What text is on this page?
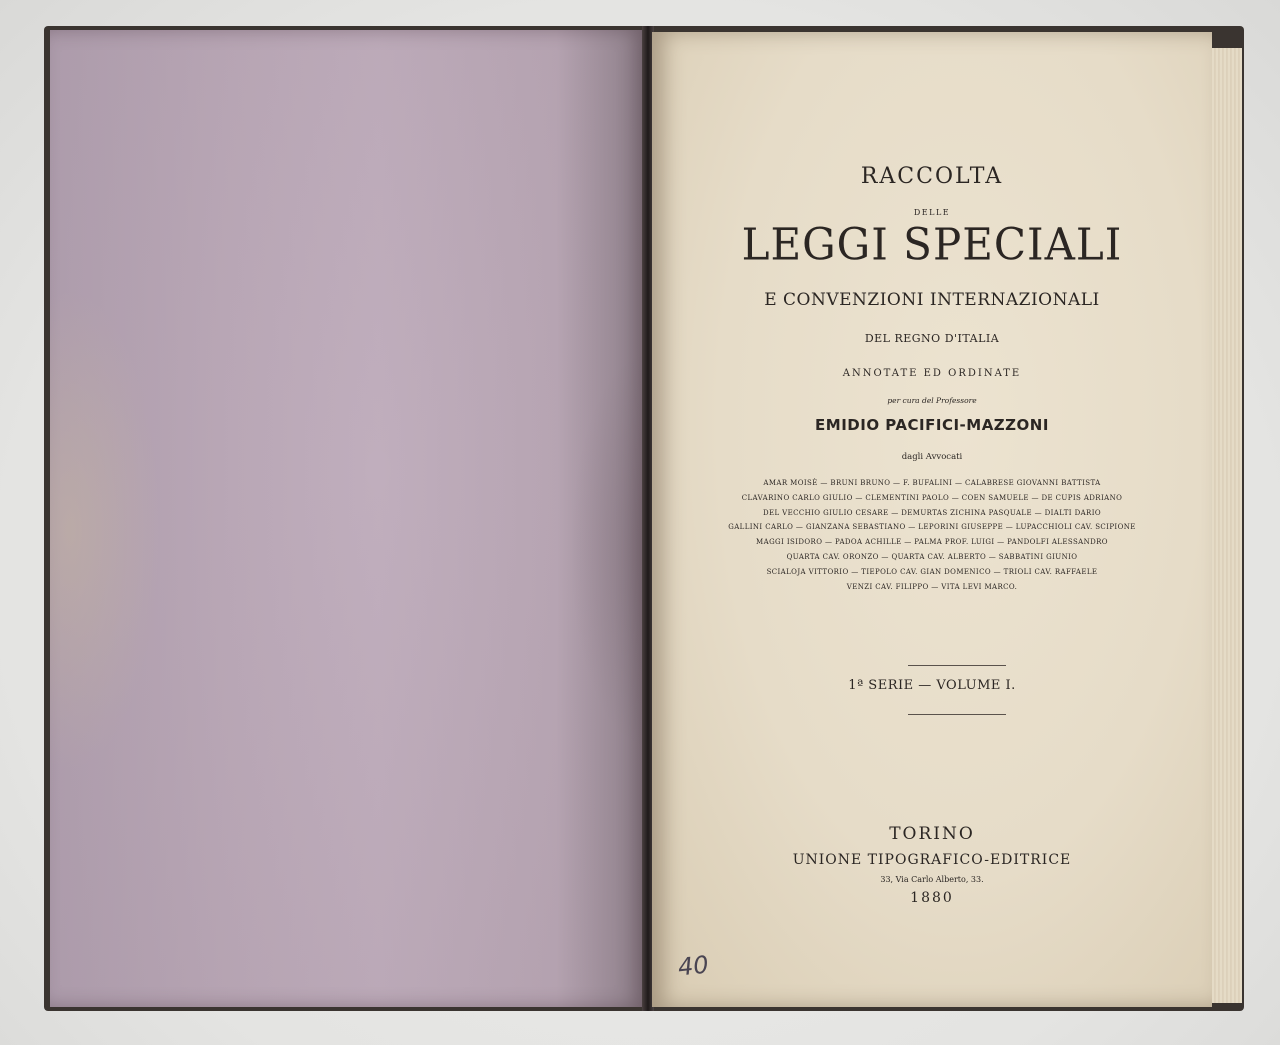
RACCOLTA
DELLE
LEGGI SPECIALI
E CONVENZIONI INTERNAZIONALI
DEL REGNO D'ITALIA
ANNOTATE ED ORDINATE
per cura del Professore
EMIDIO PACIFICI-MAZZONI
dagli Avvocati
AMAR MOISÈ — BRUNI BRUNO — F. BUFALINI — CALABRESE GIOVANNI BATTISTA
CLAVARINO CARLO GIULIO — CLEMENTINI PAOLO — COEN SAMUELE — DE CUPIS ADRIANO
DEL VECCHIO GIULIO CESARE — DEMURTAS ZICHINA PASQUALE — DIALTI DARIO
GALLINI CARLO — GIANZANA SEBASTIANO — LEPORINI GIUSEPPE — LUPACCHIOLI CAV. SCIPIONE
MAGGI ISIDORO — PADOA ACHILLE — PALMA PROF. LUIGI — PANDOLFI ALESSANDRO
QUARTA CAV. ORONZO — QUARTA CAV. ALBERTO — SABBATINI GIUNIO
SCIALOJA VITTORIO — TIEPOLO CAV. GIAN DOMENICO — TRIOLI CAV. RAFFAELE
VENZI CAV. FILIPPO — VITA LEVI MARCO.
1ª SERIE — VOLUME I.
TORINO
UNIONE TIPOGRAFICO-EDITRICE
33, Via Carlo Alberto, 33.
1880
40
